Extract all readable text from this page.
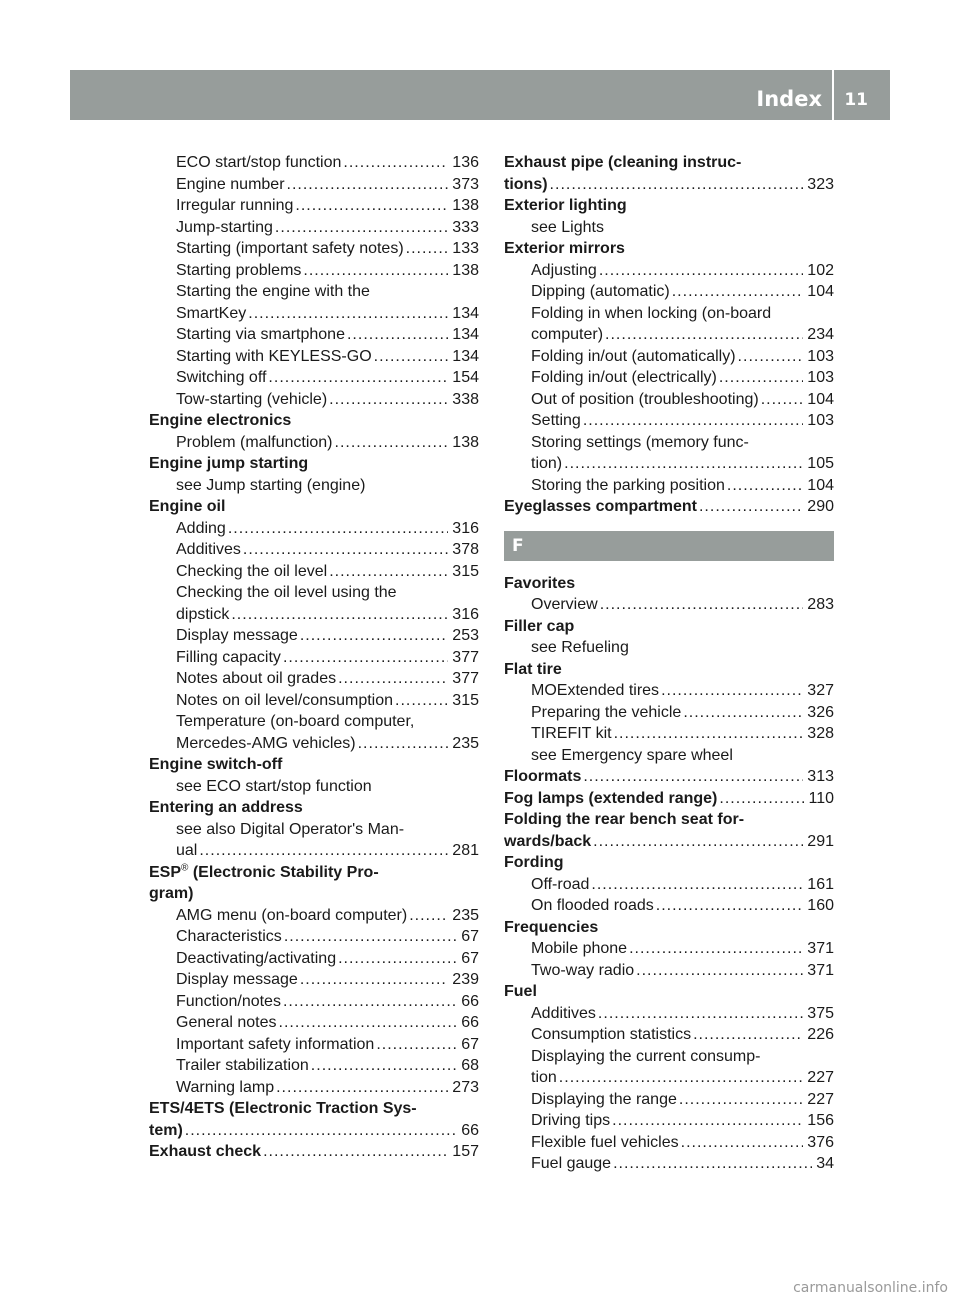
Index 11
ECO start/stop function .....	136
Engine number .....	373
Irregular running .....	138
Jump-starting .....	333
Starting (important safety notes) .....	133
Starting problems .....	138
Starting the engine with the
SmartKey .....	134
Starting via smartphone .....	134
Starting with KEYLESS-GO .....	134
Switching off .....	154
Tow-starting (vehicle) .....	338
Engine electronics
Problem (malfunction) .....	138
Engine jump starting
see Jump starting (engine)
Engine oil
Adding .....	316
Additives .....	378
Checking the oil level .....	315
Checking the oil level using the
dipstick .....	316
Display message .....	253
Filling capacity .....	377
Notes about oil grades .....	377
Notes on oil level/consumption .....	315
Temperature (on-board computer,
Mercedes-AMG vehicles) .....	235
Engine switch-off
see ECO start/stop function
Entering an address
see also Digital Operator's Man-
ual .....	281
ESP® (Electronic Stability Pro-
gram)
AMG menu (on-board computer) .....	235
Characteristics .....	67
Deactivating/activating .....	67
Display message .....	239
Function/notes .....	66
General notes .....	66
Important safety information .....	67
Trailer stabilization .....	68
Warning lamp .....	273
ETS/4ETS (Electronic Traction Sys-
tem) .....	66
Exhaust check .....	157
Exhaust pipe (cleaning instruc-
tions) .....	323
Exterior lighting
see Lights
Exterior mirrors
Adjusting .....	102
Dipping (automatic) .....	104
Folding in when locking (on-board
computer) .....	234
Folding in/out (automatically) .....	103
Folding in/out (electrically) .....	103
Out of position (troubleshooting) .....	104
Setting .....	103
Storing settings (memory func-
tion) .....	105
Storing the parking position .....	104
Eyeglasses compartment .....	290
F
Favorites
Overview .....	283
Filler cap
see Refueling
Flat tire
MOExtended tires .....	327
Preparing the vehicle .....	326
TIREFIT kit .....	328
see Emergency spare wheel
Floormats .....	313
Fog lamps (extended range) .....	110
Folding the rear bench seat for-
wards/back .....	291
Fording
Off-road .....	161
On flooded roads .....	160
Frequencies
Mobile phone .....	371
Two-way radio .....	371
Fuel
Additives .....	375
Consumption statistics .....	226
Displaying the current consump-
tion .....	227
Displaying the range .....	227
Driving tips .....	156
Flexible fuel vehicles .....	376
Fuel gauge .....	34
carmanualsonline.info
